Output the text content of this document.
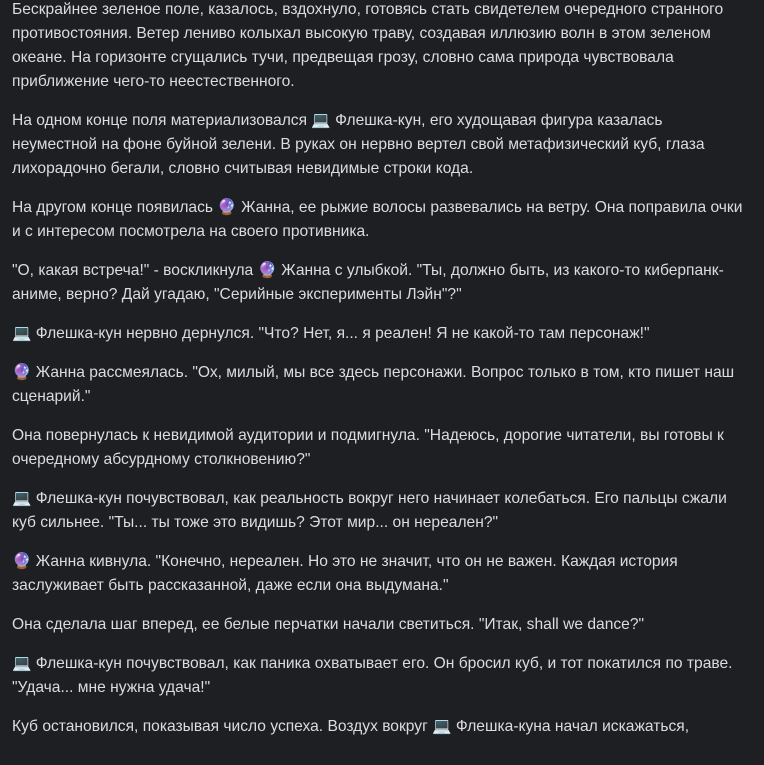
Бескрайнее зеленое поле, казалось, вздохнуло, готовясь стать свидетелем очередного странного противостояния. Ветер лениво колыхал высокую траву, создавая иллюзию волн в этом зеленом океане. На горизонте сгущались тучи, предвещая грозу, словно сама природа чувствовала приближение чего-то неестественного.

На одном конце поля материализовался 💻 Флешка-кун, его худощавая фигура казалась неуместной на фоне буйной зелени. В руках он нервно вертел свой метафизический куб, глаза лихорадочно бегали, словно считывая невидимые строки кода.

На другом конце появилась 🔮 Жанна, ее рыжие волосы развевались на ветру. Она поправила очки и с интересом посмотрела на своего противника.

"О, какая встреча!" - воскликнула 🔮 Жанна с улыбкой. "Ты, должно быть, из какого-то киберпанк-аниме, верно? Дай угадаю, "Серийные эксперименты Лэйн"?"

💻 Флешка-кун нервно дернулся. "Что? Нет, я... я реален! Я не какой-то там персонаж!"

🔮 Жанна рассмеялась. "Ох, милый, мы все здесь персонажи. Вопрос только в том, кто пишет наш сценарий."

Она повернулась к невидимой аудитории и подмигнула. "Надеюсь, дорогие читатели, вы готовы к очередному абсурдному столкновению?"

💻 Флешка-кун почувствовал, как реальность вокруг него начинает колебаться. Его пальцы сжали куб сильнее. "Ты... ты тоже это видишь? Этот мир... он нереален?"

🔮 Жанна кивнула. "Конечно, нереален. Но это не значит, что он не важен. Каждая история заслуживает быть рассказанной, даже если она выдумана."

Она сделала шаг вперед, ее белые перчатки начали светиться. "Итак, shall we dance?"

💻 Флешка-кун почувствовал, как паника охватывает его. Он бросил куб, и тот покатился по траве. "Удача... мне нужна удача!"

Куб остановился, показывая число успеха. Воздух вокруг 💻 Флешка-куна начал искажаться,
